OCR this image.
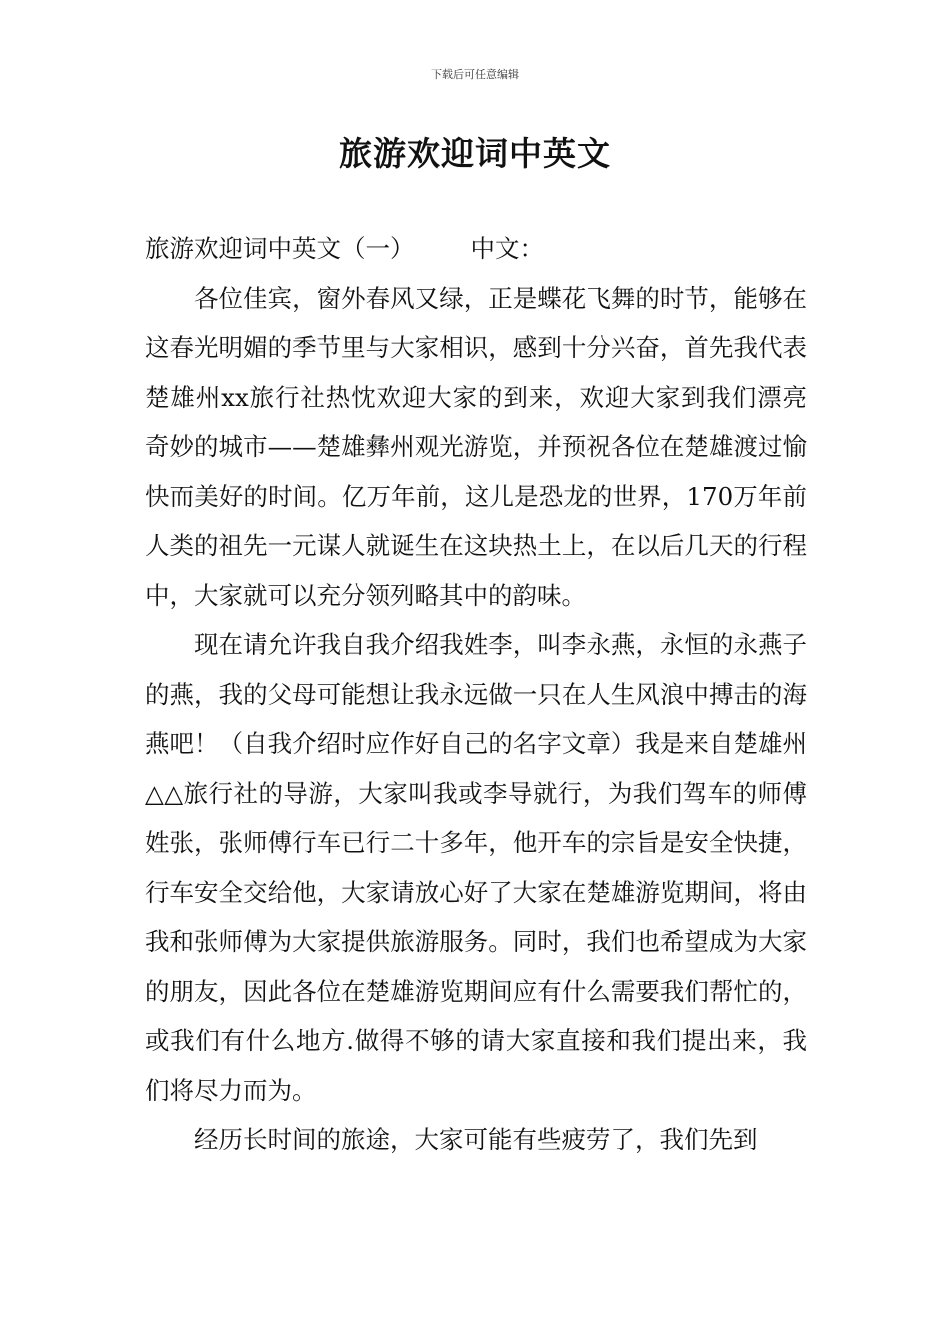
下载后可任意编辑
旅游欢迎词中英文

旅游欢迎词中英文（一） 中文：

各位佳宾，窗外春风又绿，正是蝶花飞舞的时节，能够在这春光明媚的季节里与大家相识，感到十分兴奋，首先我代表楚雄州xx旅行社热忱欢迎大家的到来，欢迎大家到我们漂亮奇妙的城市——楚雄彝州观光游览，并预祝各位在楚雄渡过愉快而美好的时间。亿万年前，这儿是恐龙的世界，170万年前人类的祖先一元谋人就诞生在这块热土上，在以后几天的行程中，大家就可以充分领列略其中的韵味。

现在请允许我自我介绍我姓李，叫李永燕，永恒的永燕子的燕，我的父母可能想让我永远做一只在人生风浪中搏击的海燕吧！（自我介绍时应作好自己的名字文章）我是来自楚雄州△△旅行社的导游，大家叫我或李导就行，为我们驾车的师傅姓张，张师傅行车已行二十多年，他开车的宗旨是安全快捷，行车安全交给他，大家请放心好了大家在楚雄游览期间，将由我和张师傅为大家提供旅游服务。同时，我们也希望成为大家的朋友，因此各位在楚雄游览期间应有什么需要我们帮忙的，或我们有什么地方.做得不够的请大家直接和我们提出来，我们将尽力而为。

经历长时间的旅途，大家可能有些疲劳了，我们先到
